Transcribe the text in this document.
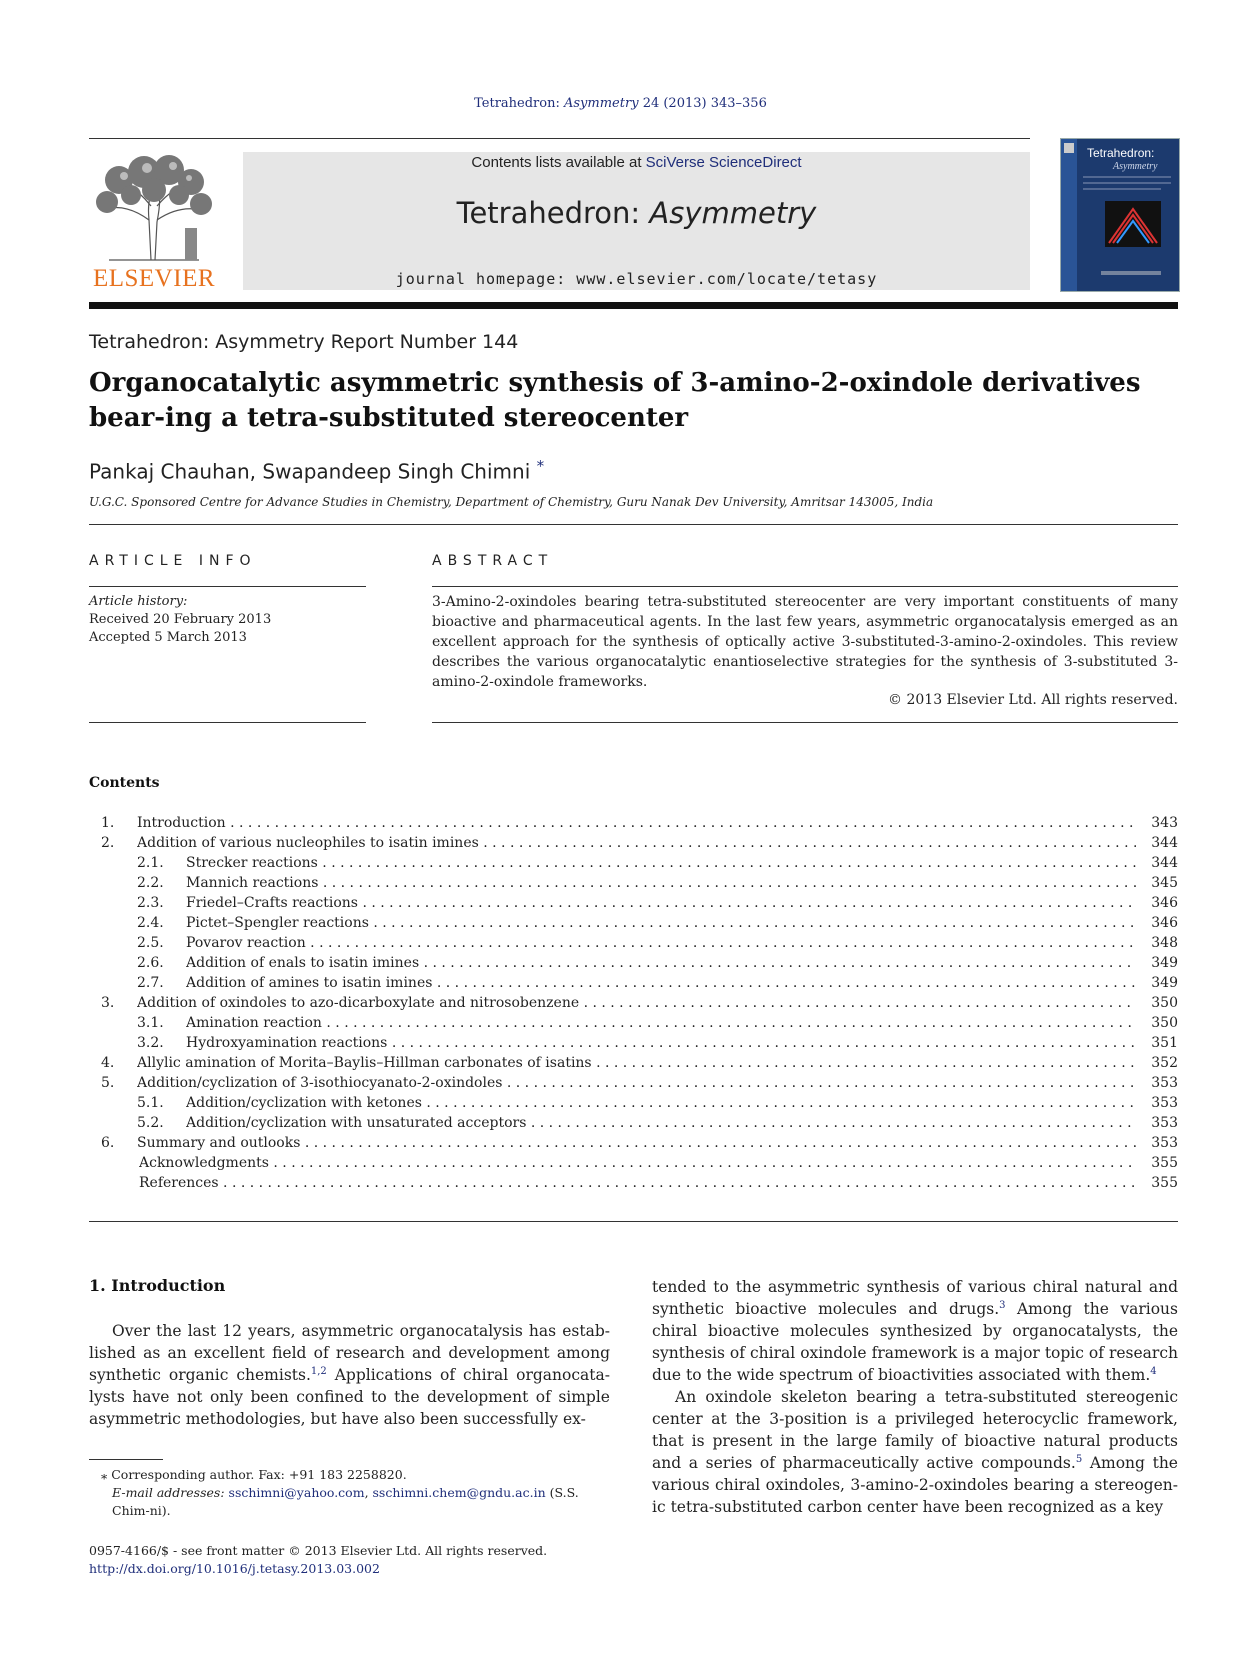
Tetrahedron: Asymmetry 24 (2013) 343–356
ELSEVIER
Contents lists available at SciVerse ScienceDirect
Tetrahedron: Asymmetry
journal homepage: www.elsevier.com/locate/tetasy
Tetrahedron:
Asymmetry
Tetrahedron: Asymmetry Report Number 144
Organocatalytic asymmetric synthesis of 3-amino-2-oxindole derivatives bear-ing a tetra-substituted stereocenter
Pankaj Chauhan, Swapandeep Singh Chimni *
U.G.C. Sponsored Centre for Advance Studies in Chemistry, Department of Chemistry, Guru Nanak Dev University, Amritsar 143005, India
ARTICLE INFO	ABSTRACT
Article history:
Received 20 February 2013
Accepted 5 March 2013
3-Amino-2-oxindoles bearing tetra-substituted stereocenter are very important constituents of many bioactive and pharmaceutical agents. In the last few years, asymmetric organocatalysis emerged as an excellent approach for the synthesis of optically active 3-substituted-3-amino-2-oxindoles. This review describes the various organocatalytic enantioselective strategies for the synthesis of 3-substituted 3-amino-2-oxindole frameworks.
© 2013 Elsevier Ltd. All rights reserved.
Contents
1. Introduction . . .	343
2. Addition of various nucleophiles to isatin imines . . .	344
2.1. Strecker reactions . . .	344
2.2. Mannich reactions . . .	345
2.3. Friedel–Crafts reactions . . .	346
2.4. Pictet–Spengler reactions . . .	346
2.5. Povarov reaction . . .	348
2.6. Addition of enals to isatin imines . . .	349
2.7. Addition of amines to isatin imines . . .	349
3. Addition of oxindoles to azo-dicarboxylate and nitrosobenzene . . .	350
3.1. Amination reaction . . .	350
3.2. Hydroxyamination reactions . . .	351
4. Allylic amination of Morita–Baylis–Hillman carbonates of isatins . . .	352
5. Addition/cyclization of 3-isothiocyanato-2-oxindoles . . .	353
5.1. Addition/cyclization with ketones . . .	353
5.2. Addition/cyclization with unsaturated acceptors . . .	353
6. Summary and outlooks . . .	353
Acknowledgments . . .	355
References . . .	355
1. Introduction

Over the last 12 years, asymmetric organocatalysis has estab-lished as an excellent field of research and development among synthetic organic chemists.$^{1,2}$ Applications of chiral organocata-lysts have not only been confined to the development of simple asymmetric methodologies, but have also been successfully ex-

tended to the asymmetric synthesis of various chiral natural and synthetic bioactive molecules and drugs.$^3$ Among the various chiral bioactive molecules synthesized by organocatalysts, the synthesis of chiral oxindole framework is a major topic of research due to the wide spectrum of bioactivities associated with them.$^4$

An oxindole skeleton bearing a tetra-substituted stereogenic center at the 3-position is a privileged heterocyclic framework, that is present in the large family of bioactive natural products and a series of pharmaceutically active compounds.$^5$ Among the various chiral oxindoles, 3-amino-2-oxindoles bearing a stereogen-ic tetra-substituted carbon center have been recognized as a key

⁎ Corresponding author. Fax: +91 183 2258820.
E-mail addresses: sschimni@yahoo.com, sschimni.chem@gndu.ac.in (S.S. Chim-ni).
0957-4166/$ - see front matter © 2013 Elsevier Ltd. All rights reserved.
http://dx.doi.org/10.1016/j.tetasy.2013.03.002
